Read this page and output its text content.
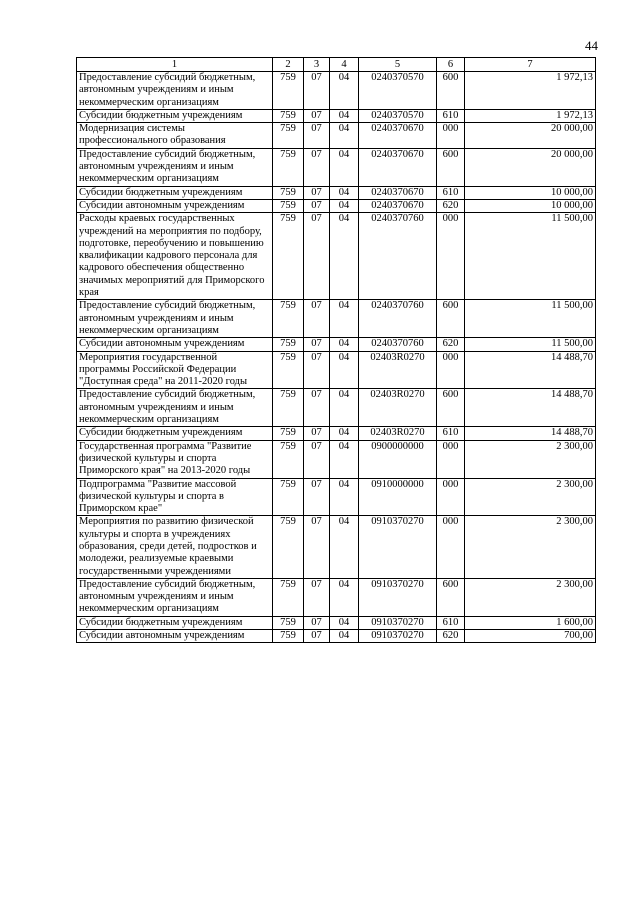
44
1	2	3	4	5	6	7
Предоставление субсидий бюджетным, автономным учреждениям и иным некоммерческим организациям	759	07	04	0240370570	600	1 972,13
Субсидии бюджетным учреждениям	759	07	04	0240370570	610	1 972,13
Модернизация системы профессионального образования	759	07	04	0240370670	000	20 000,00
Предоставление субсидий бюджетным, автономным учреждениям и иным некоммерческим организациям	759	07	04	0240370670	600	20 000,00
Субсидии бюджетным учреждениям	759	07	04	0240370670	610	10 000,00
Субсидии автономным учреждениям	759	07	04	0240370670	620	10 000,00
Расходы краевых государственных учреждений на мероприятия по подбору, подготовке, переобучению и повышению квалификации кадрового персонала для кадрового обеспечения общественно значимых мероприятий для Приморского края	759	07	04	0240370760	000	11 500,00
Предоставление субсидий бюджетным, автономным учреждениям и иным некоммерческим организациям	759	07	04	0240370760	600	11 500,00
Субсидии автономным учреждениям	759	07	04	0240370760	620	11 500,00
Мероприятия государственной программы Российской Федерации "Доступная среда" на 2011-2020 годы	759	07	04	02403R0270	000	14 488,70
Предоставление субсидий бюджетным, автономным учреждениям и иным некоммерческим организациям	759	07	04	02403R0270	600	14 488,70
Субсидии бюджетным учреждениям	759	07	04	02403R0270	610	14 488,70
Государственная программа "Развитие физической культуры и спорта Приморского края" на 2013-2020 годы	759	07	04	0900000000	000	2 300,00
Подпрограмма "Развитие массовой физической культуры и спорта в Приморском крае"	759	07	04	0910000000	000	2 300,00
Мероприятия по развитию физической культуры и спорта в учреждениях образования, среди детей, подростков и молодежи, реализуемые краевыми государственными учреждениями	759	07	04	0910370270	000	2 300,00
Предоставление субсидий бюджетным, автономным учреждениям и иным некоммерческим организациям	759	07	04	0910370270	600	2 300,00
Субсидии бюджетным учреждениям	759	07	04	0910370270	610	1 600,00
Субсидии автономным учреждениям	759	07	04	0910370270	620	700,00
